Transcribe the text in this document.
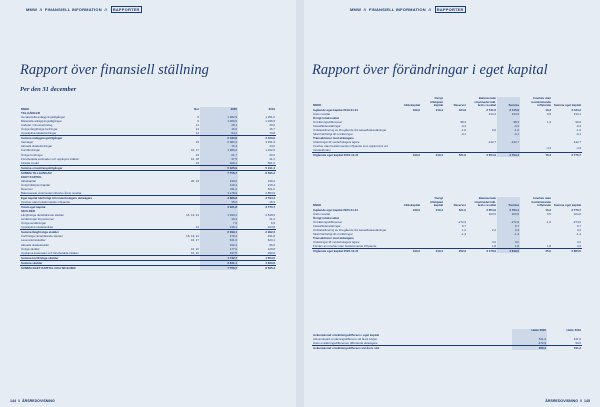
MMW  //  FINANSIELL INFORMATION  //  RAPPORTER
Rapport över finansiell ställning
Per den 31 december
MSEK	Not	2020	2019
TILLGÅNGAR			
Immateriella anläggningstillgångar	8	1 282,9	1 251,0
Materiella anläggningstillgångar	9	1 009,6	1 036,5
Andelar i intresseföretag	11	28,1	29,0
Övriga långfristiga fordringar	14	16,0	16,7
Uppskjutna skattefordringar	12	94,2	70,8
Summa anläggningstillgångar		2 430,8	2 403,9

Varulager	15	2 983,3	3 351,9
Aktuella skattefordringar		15,4	44,0
Kundfordringar	16, 17	1 289,2	1 192,6
Övriga fordringar	16	61,7	60,6
Förutbetalda kostnader och upplupna intäkter	16, 18	47,5	41,2
Likvida medel	19	929,1	501,0
Summa omsättningstillgångar		5 325,9	5 191,4

SUMMA TILLGÅNGAR		7 756,7	8 595,3

EGET KAPITAL			
Aktiekapital	20, 23	199,0	199,0
Övrigt tillskjutet kapital		219,4	219,4
Reserver		311,2	521,0
Balanserade vinstmedel inklusive årets resultat		3 178,9	2 854,9
Eget kapital hänförligt till moderbolagets aktieägare		3 886,8	3 794,4

Innehav utan bestämmande inflytande		35,0	16,3
Totalt eget kapital		3 921,8	3 770,7

SKULDER			
Långfristiga räntebärande skulder	16, 19, 21	1 933,2	2 818,5
Avsättningar till pensioner		19,4	21,2
Övriga avsättningar		7,6	6,9
Uppskjutna skatteskulder	12	139,1	164,8
Summa långfristiga skulder		2 099,1	2 992,3

Kortfristiga räntebärande skulder	16, 19, 21	279,4	491,8
Leverantörsskulder	16, 17	941,6	623,1
Aktuella skatteskulder		102,4	96,6
Övriga skulder	16, 22	177,9	129,8
Upplupna kostnader och förutbetalda intäkter	16, 22	237,5	290,0
Summa kortfristiga skulder		1 742,7	1 604,5

Summa skulder		3 841,1	4 623,6

SUMMA EGET KAPITAL OCH SKULDER		7 756,7	8 595,3
144  //  ÅRSREDOVISNING
MMW  //  FINANSIELL INFORMATION  //  RAPPORTER
Rapport över förändringar i eget kapital
MSEK	Aktiekapital	Övrigt tillskjutet kapital	Reserver	Balanserade vinstmedel inkl. årets resultat	Summa	Innehav utan bestämmande inflytande	Summa eget kapital
Ingående eget kapital 2019-01-01	199,0	219,4	424,9	2 541,6	3 415,9	19,3	3 434,2
Årets resultat				313,3	313,3	0,8	313,1

Övrigt totalresultat							
Omräkningsdifferenser			98,3		98,3	1,3	99,6
Kassaflödessäkringar			-0,3		-0,3		-0,3
Omklassificering av föregående års kassaflödessäkringar			-1,0	0,0	-1,0		-1,0
Skatt hänförligt till omräkningar			-0,1		-0,1		-0,1

Transaktioner med aktieägare							
Utdelningar till moderbolagets ägare				-132,7	-132,7		-132,7
Innehav utan bestämmande inflytande som uppkommit vid rörelseförvärv						-4,3	-4,3
Utgående eget kapital 2019-12-31	199,0	219,4	521,0	2 854,9	3 794,4	16,3	3 770,7
MSEK	Aktiekapital	Övrigt tillskjutet kapital	Reserver	Balanserade vinstmedel inkl. årets resultat	Summa	Innehav utan bestämmande inflytande	Summa eget kapital
Ingående eget kapital 2020-01-01	199,0	219,4	521,0	2 854,9	3 794,4	16,3	3 770,7
Årets resultat				323,5	323,5	0,5	324,0

Övrigt totalresultat							
Omräkningsdifferenser			-272,9		-272,9	-1,6	-274,5
Kassaflödessäkringar			6,7		6,7		6,7
Omklassificering av föregående års kassaflödessäkringar			1,2	2,2	3,4		3,4
Skatt hänförligt till omräkningar			-1,4		-1,4		-1,4

Transaktioner med aktieägare							
Utdelningar till moderbolagets ägare				0,0	0,0		0,0
Förvärv av innehav utan bestämmande inflytande				1,8	1,8	1,8	3,6
Utgående eget kapital 2020-12-31	199,0	219,4	252,2	3 178,9	3 849,5	35,0	3 884,5
	Helår 2020	Helår 2019
Ackumulerad omräkningsdifferens i eget kapital		

Ackumulerad omräkningsdifferens vid årets början	541,2	441,6
Årets omräkningsdifferenser tillhörande aktieägare	-272,9	99,6
Ackumulerad omräkningsdifferens vid årets slut	268,3	541,2
ÅRSREDOVISNING  //  145
